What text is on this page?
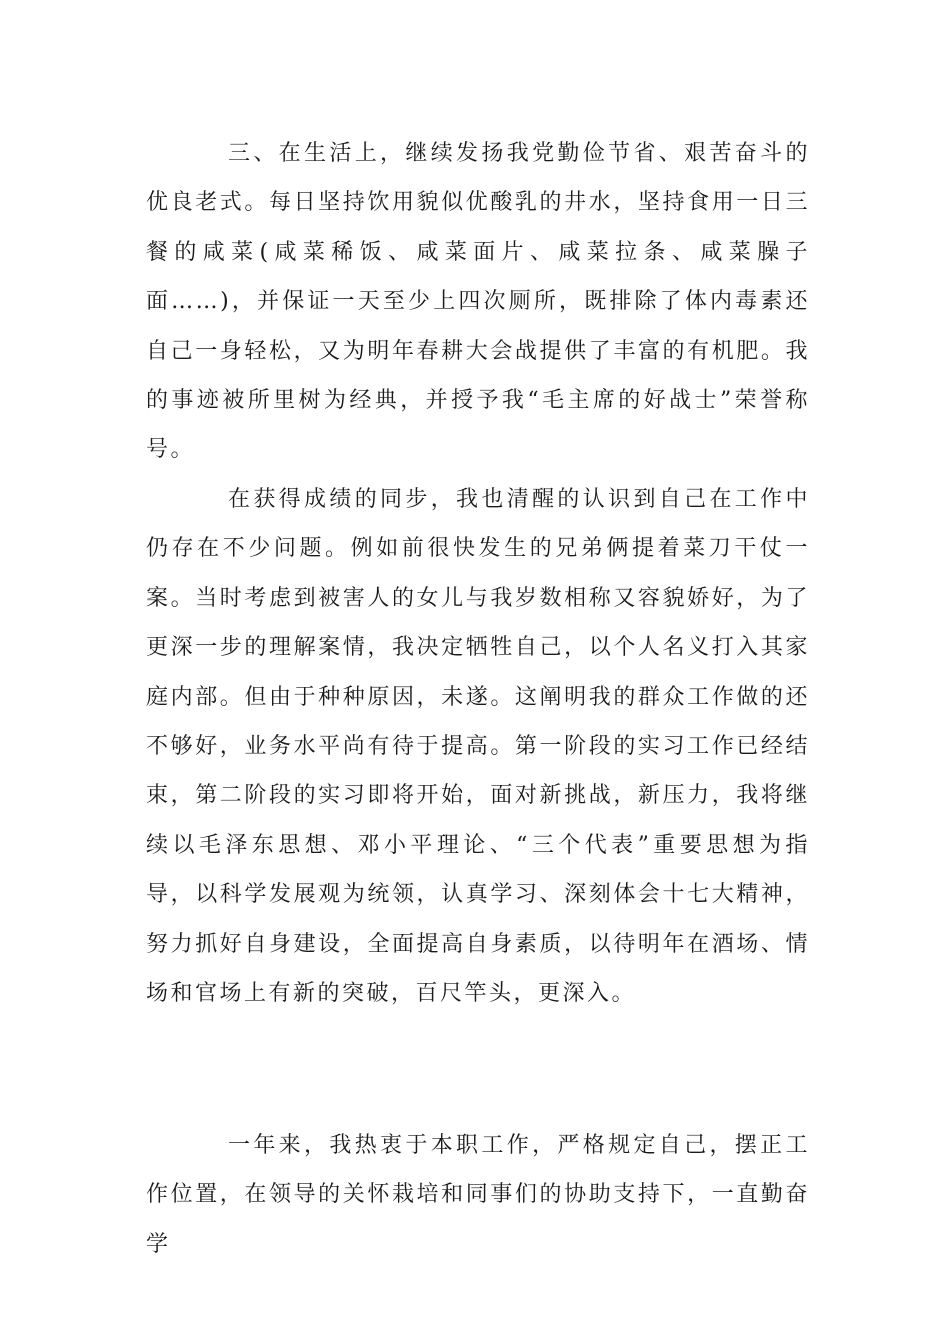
三、在生活上，继续发扬我党勤俭节省、艰苦奋斗的优良老式。每日坚持饮用貌似优酸乳的井水，坚持食用一日三餐的咸菜(咸菜稀饭、咸菜面片、咸菜拉条、咸菜臊子面……)，并保证一天至少上四次厕所，既排除了体内毒素还自己一身轻松，又为明年春耕大会战提供了丰富的有机肥。我的事迹被所里树为经典，并授予我“毛主席的好战士”荣誉称号。

在获得成绩的同步，我也清醒的认识到自己在工作中仍存在不少问题。例如前很快发生的兄弟俩提着菜刀干仗一案。当时考虑到被害人的女儿与我岁数相称又容貌娇好，为了更深一步的理解案情，我决定牺牲自己，以个人名义打入其家庭内部。但由于种种原因，未遂。这阐明我的群众工作做的还不够好，业务水平尚有待于提高。第一阶段的实习工作已经结束，第二阶段的实习即将开始，面对新挑战，新压力，我将继续以毛泽东思想、邓小平理论、“三个代表”重要思想为指导，以科学发展观为统领，认真学习、深刻体会十七大精神，努力抓好自身建设，全面提高自身素质，以待明年在酒场、情场和官场上有新的突破，百尺竿头，更深入。

一年来，我热衷于本职工作，严格规定自己，摆正工作位置，在领导的关怀栽培和同事们的协助支持下，一直勤奋学
